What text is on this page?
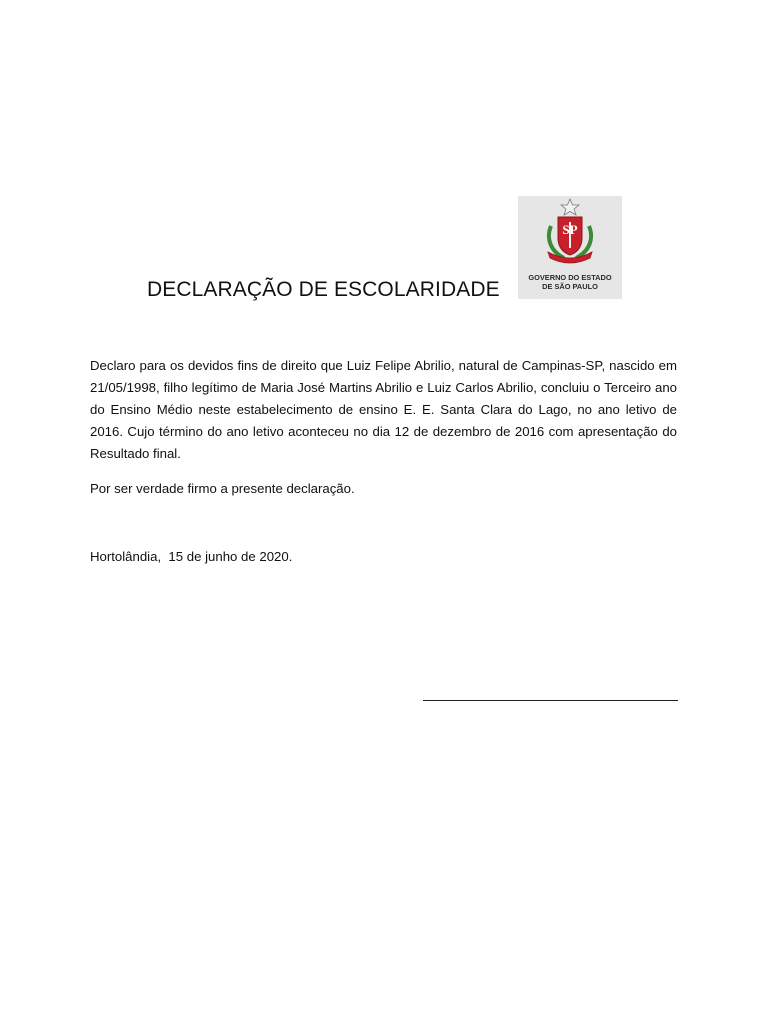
DECLARAÇÃO DE ESCOLARIDADE
SP
GOVERNO DO ESTADO
DE SÃO PAULO

Declaro para os devidos fins de direito que Luiz Felipe Abrilio, natural de Campinas-SP, nascido em 21/05/1998, filho legítimo de Maria José Martins Abrilio e Luiz Carlos Abrilio, concluiu o Terceiro ano do Ensino Médio neste estabelecimento de ensino E. E. Santa Clara do Lago, no ano letivo de 2016. Cujo término do ano letivo aconteceu no dia 12 de dezembro de 2016 com apresentação do Resultado final.

Por ser verdade firmo a presente declaração.
Hortolândia,  15 de junho de 2020.
